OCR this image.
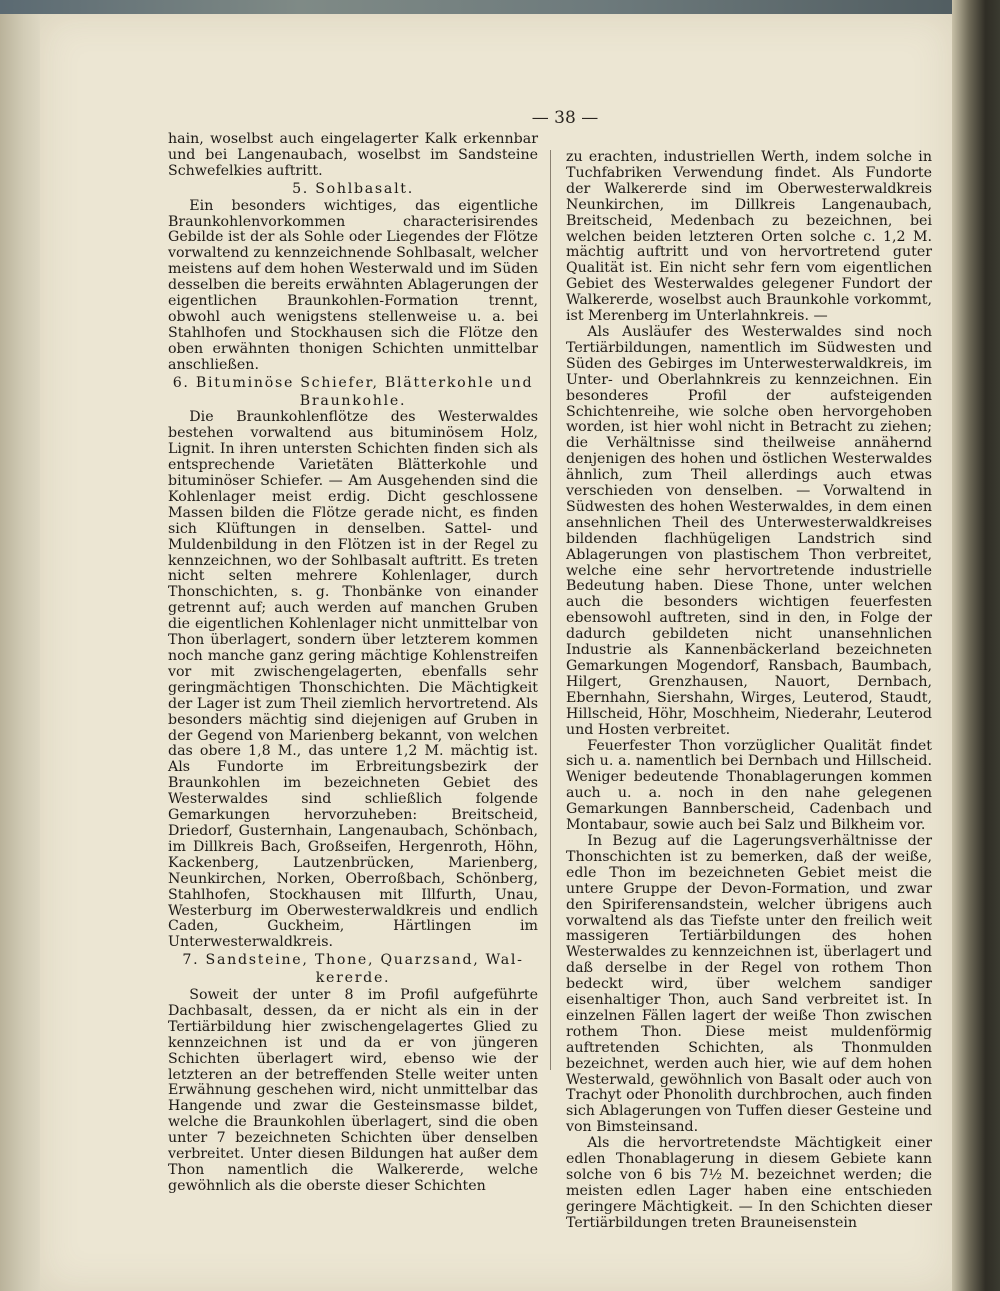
— 38 —

hain, woselbst auch eingelagerter Kalk erkennbar und bei Langenaubach, woselbst im Sandsteine Schwefelkies auftritt.

5. Sohlbasalt.

Ein besonders wichtiges, das eigentliche Braunkohlenvorkommen characterisirendes Gebilde ist der als Sohle oder Liegendes der Flötze vorwaltend zu kennzeichnende Sohlbasalt, welcher meistens auf dem hohen Westerwald und im Süden desselben die bereits erwähnten Ablagerungen der eigentlichen Braunkohlen-Formation trennt, obwohl auch wenigstens stellenweise u. a. bei Stahlhofen und Stockhausen sich die Flötze den oben erwähnten thonigen Schichten unmittelbar anschließen.

6. Bituminöse Schiefer, Blätterkohle und

Braunkohle.

Die Braunkohlenflötze des Westerwaldes bestehen vorwaltend aus bituminösem Holz, Lignit. In ihren untersten Schichten finden sich als entsprechende Varietäten Blätterkohle und bituminöser Schiefer. — Am Ausgehenden sind die Kohlenlager meist erdig. Dicht geschlossene Massen bilden die Flötze gerade nicht, es finden sich Klüftungen in denselben. Sattel- und Muldenbildung in den Flötzen ist in der Regel zu kennzeichnen, wo der Sohlbasalt auftritt. Es treten nicht selten mehrere Kohlenlager, durch Thonschichten, s. g. Thonbänke von einander getrennt auf; auch werden auf manchen Gruben die eigentlichen Kohlenlager nicht unmittelbar von Thon überlagert, sondern über letzterem kommen noch manche ganz gering mächtige Kohlenstreifen vor mit zwischengelagerten, ebenfalls sehr geringmächtigen Thonschichten. Die Mächtigkeit der Lager ist zum Theil ziemlich hervortretend. Als besonders mächtig sind diejenigen auf Gruben in der Gegend von Marienberg bekannt, von welchen das obere 1,8 M., das untere 1,2 M. mächtig ist. Als Fundorte im Erbreitungsbezirk der Braunkohlen im bezeichneten Gebiet des Westerwaldes sind schließlich folgende Gemarkungen hervorzuheben: Breitscheid, Driedorf, Gusternhain, Langenaubach, Schönbach, im Dillkreis Bach, Großseifen, Hergenroth, Höhn, Kackenberg, Lautzenbrücken, Marienberg, Neunkirchen, Norken, Oberroßbach, Schönberg, Stahlhofen, Stockhausen mit Illfurth, Unau, Westerburg im Oberwesterwaldkreis und endlich Caden, Guckheim, Härtlingen im Unterwesterwaldkreis.

7. Sandsteine, Thone, Quarzsand, Wal-

kererde.

Soweit der unter 8 im Profil aufgeführte Dachbasalt, dessen, da er nicht als ein in der Tertiärbildung hier zwischengelagertes Glied zu kennzeichnen ist und da er von jüngeren Schichten überlagert wird, ebenso wie der letzteren an der betreffenden Stelle weiter unten Erwähnung geschehen wird, nicht unmittelbar das Hangende und zwar die Gesteinsmasse bildet, welche die Braunkohlen überlagert, sind die oben unter 7 bezeichneten Schichten über denselben verbreitet. Unter diesen Bildungen hat außer dem Thon namentlich die Walkererde, welche gewöhnlich als die oberste dieser Schichten

zu erachten, industriellen Werth, indem solche in Tuchfabriken Verwendung findet. Als Fundorte der Walkererde sind im Oberwesterwaldkreis Neunkirchen, im Dillkreis Langenaubach, Breitscheid, Medenbach zu bezeichnen, bei welchen beiden letzteren Orten solche c. 1,2 M. mächtig auftritt und von hervortretend guter Qualität ist. Ein nicht sehr fern vom eigentlichen Gebiet des Westerwaldes gelegener Fundort der Walkererde, woselbst auch Braunkohle vorkommt, ist Merenberg im Unterlahnkreis. —

Als Ausläufer des Westerwaldes sind noch Tertiärbildungen, namentlich im Südwesten und Süden des Gebirges im Unterwesterwaldkreis, im Unter- und Oberlahnkreis zu kennzeichnen. Ein besonderes Profil der aufsteigenden Schichtenreihe, wie solche oben hervorgehoben worden, ist hier wohl nicht in Betracht zu ziehen; die Verhältnisse sind theilweise annähernd denjenigen des hohen und östlichen Westerwaldes ähnlich, zum Theil allerdings auch etwas verschieden von denselben. — Vorwaltend in Südwesten des hohen Westerwaldes, in dem einen ansehnlichen Theil des Unterwesterwaldkreises bildenden flachhügeligen Landstrich sind Ablagerungen von plastischem Thon verbreitet, welche eine sehr hervortretende industrielle Bedeutung haben. Diese Thone, unter welchen auch die besonders wichtigen feuerfesten ebensowohl auftreten, sind in den, in Folge der dadurch gebildeten nicht unansehnlichen Industrie als Kannenbäckerland bezeichneten Gemarkungen Mogendorf, Ransbach, Baumbach, Hilgert, Grenzhausen, Nauort, Dernbach, Ebernhahn, Siershahn, Wirges, Leuterod, Staudt, Hillscheid, Höhr, Moschheim, Niederahr, Leuterod und Hosten verbreitet.

Feuerfester Thon vorzüglicher Qualität findet sich u. a. namentlich bei Dernbach und Hillscheid. Weniger bedeutende Thonablagerungen kommen auch u. a. noch in den nahe gelegenen Gemarkungen Bannberscheid, Cadenbach und Montabaur, sowie auch bei Salz und Bilkheim vor.

In Bezug auf die Lagerungsverhältnisse der Thonschichten ist zu bemerken, daß der weiße, edle Thon im bezeichneten Gebiet meist die untere Gruppe der Devon-Formation, und zwar den Spiriferensandstein, welcher übrigens auch vorwaltend als das Tiefste unter den freilich weit massigeren Tertiärbildungen des hohen Westerwaldes zu kennzeichnen ist, überlagert und daß derselbe in der Regel von rothem Thon bedeckt wird, über welchem sandiger eisenhaltiger Thon, auch Sand verbreitet ist. In einzelnen Fällen lagert der weiße Thon zwischen rothem Thon. Diese meist muldenförmig auftretenden Schichten, als Thonmulden bezeichnet, werden auch hier, wie auf dem hohen Westerwald, gewöhnlich von Basalt oder auch von Trachyt oder Phonolith durchbrochen, auch finden sich Ablagerungen von Tuffen dieser Gesteine und von Bimsteinsand.

Als die hervortretendste Mächtigkeit einer edlen Thonablagerung in diesem Gebiete kann solche von 6 bis 7½ M. bezeichnet werden; die meisten edlen Lager haben eine entschieden geringere Mächtigkeit. — In den Schichten dieser Tertiärbildungen treten Brauneisenstein
